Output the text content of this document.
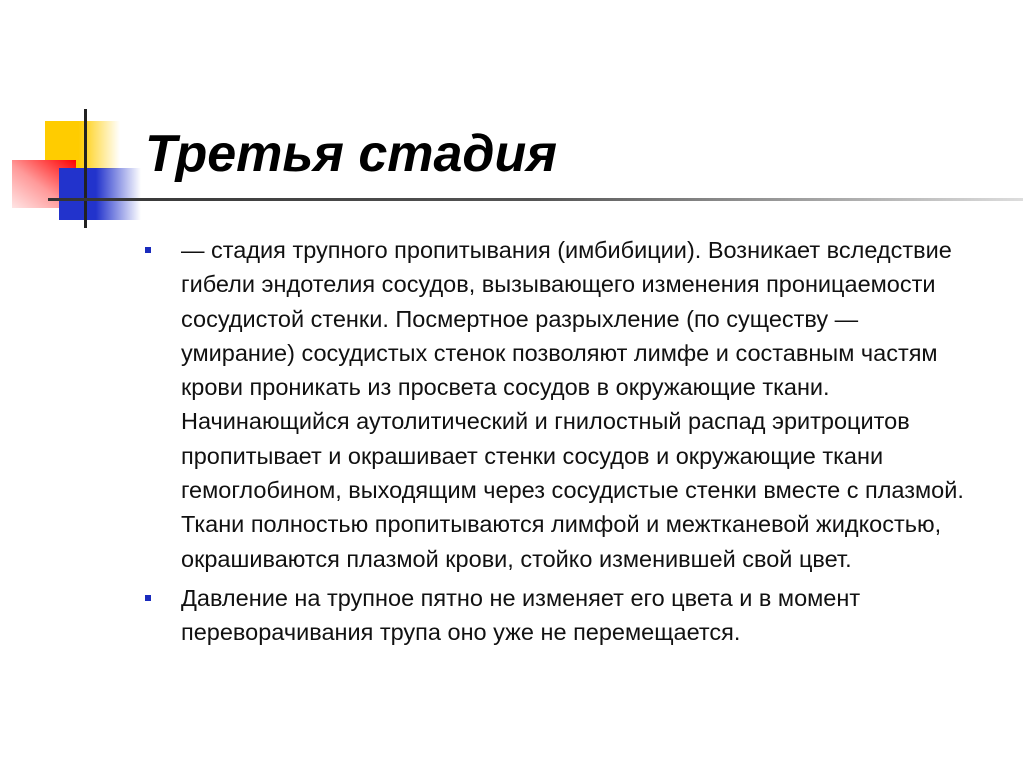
Третья стадия
— стадия трупного пропитывания (имбибиции). Возникает вследствие гибели эндотелия сосудов, вызывающего изменения проницаемости сосудистой стенки. Посмертное разрыхление (по существу — умирание) сосудистых стенок позволяют лимфе и составным частям крови проникать из просвета сосудов в окружающие ткани. Начинающийся аутолитический и гнилостный распад эритроцитов пропитывает и окрашивает стенки сосудов и окружающие ткани гемоглобином, выходящим через сосудистые стенки вместе с плазмой. Ткани полностью пропитываются лимфой и межтканевой жидкостью, окрашиваются плазмой крови, стойко изменившей свой цвет.
Давление на трупное пятно не изменяет его цвета и в момент переворачивания трупа оно уже не перемещается.
